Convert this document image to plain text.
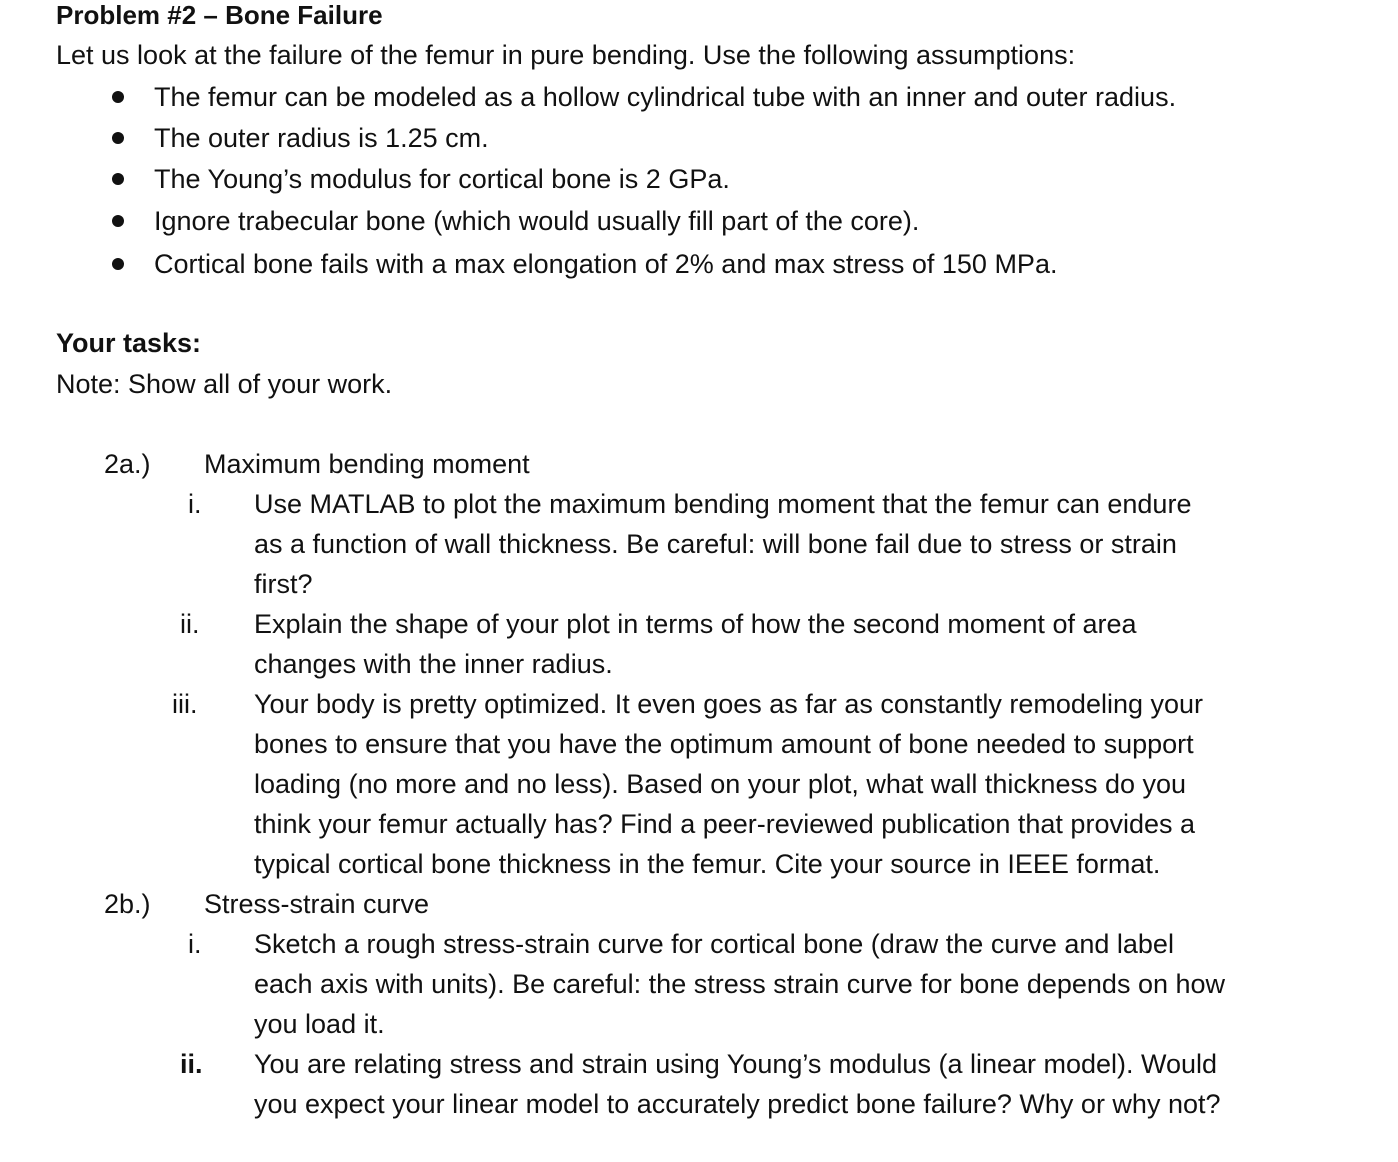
Problem #2 – Bone Failure
Let us look at the failure of the femur in pure bending. Use the following assumptions:
The femur can be modeled as a hollow cylindrical tube with an inner and outer radius.
The outer radius is 1.25 cm.
The Young’s modulus for cortical bone is 2 GPa.
Ignore trabecular bone (which would usually fill part of the core).
Cortical bone fails with a max elongation of 2% and max stress of 150 MPa.
Your tasks:
Note: Show all of your work.
2a.) Maximum bending moment
i. Use MATLAB to plot the maximum bending moment that the femur can endure
as a function of wall thickness. Be careful: will bone fail due to stress or strain
first?
ii. Explain the shape of your plot in terms of how the second moment of area
changes with the inner radius.
iii. Your body is pretty optimized. It even goes as far as constantly remodeling your
bones to ensure that you have the optimum amount of bone needed to support
loading (no more and no less). Based on your plot, what wall thickness do you
think your femur actually has? Find a peer-reviewed publication that provides a
typical cortical bone thickness in the femur. Cite your source in IEEE format.
2b.) Stress-strain curve
i. Sketch a rough stress-strain curve for cortical bone (draw the curve and label
each axis with units). Be careful: the stress strain curve for bone depends on how
you load it.
ii. You are relating stress and strain using Young’s modulus (a linear model). Would
you expect your linear model to accurately predict bone failure? Why or why not?
